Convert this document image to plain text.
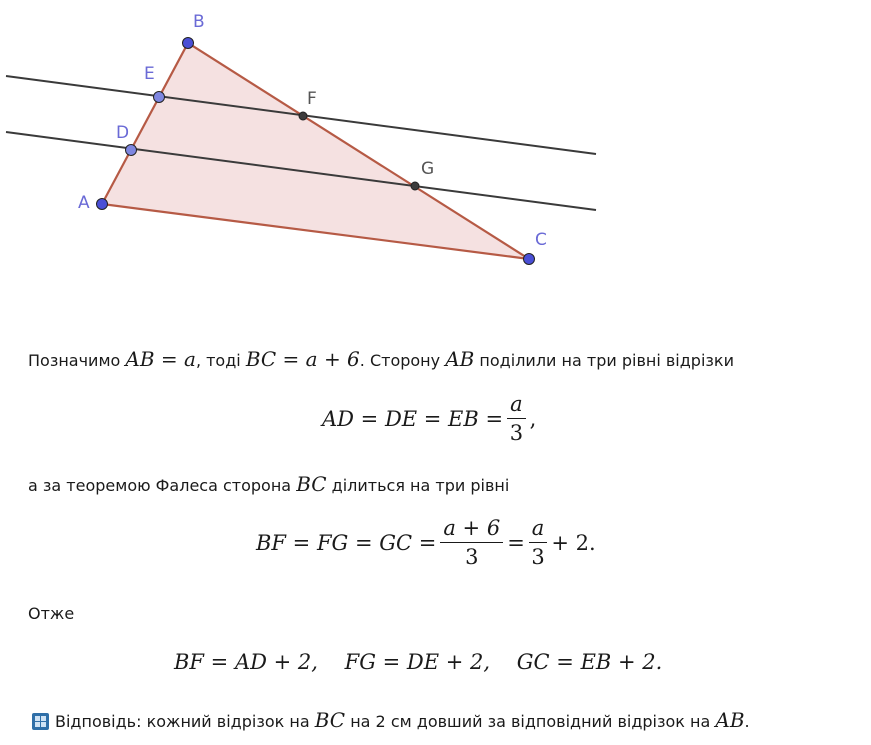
A
B
C
D
E
F
G
Позначимо AB = a, тоді BC = a + 6. Сторону AB поділили на три рівні відрізки
AD = DE = EB = $\frac{a}{3}$ ,
а за теоремою Фалеса сторона BC ділиться на три рівні
BF = FG = GC = $\frac{a + 6}{3} = \frac{a}{3} + 2$.
Отже
BF = AD + 2,    FG = DE + 2,    GC = EB + 2.
Відповідь: кожний відрізок на BC на 2 см довший за відповідний відрізок на AB.
